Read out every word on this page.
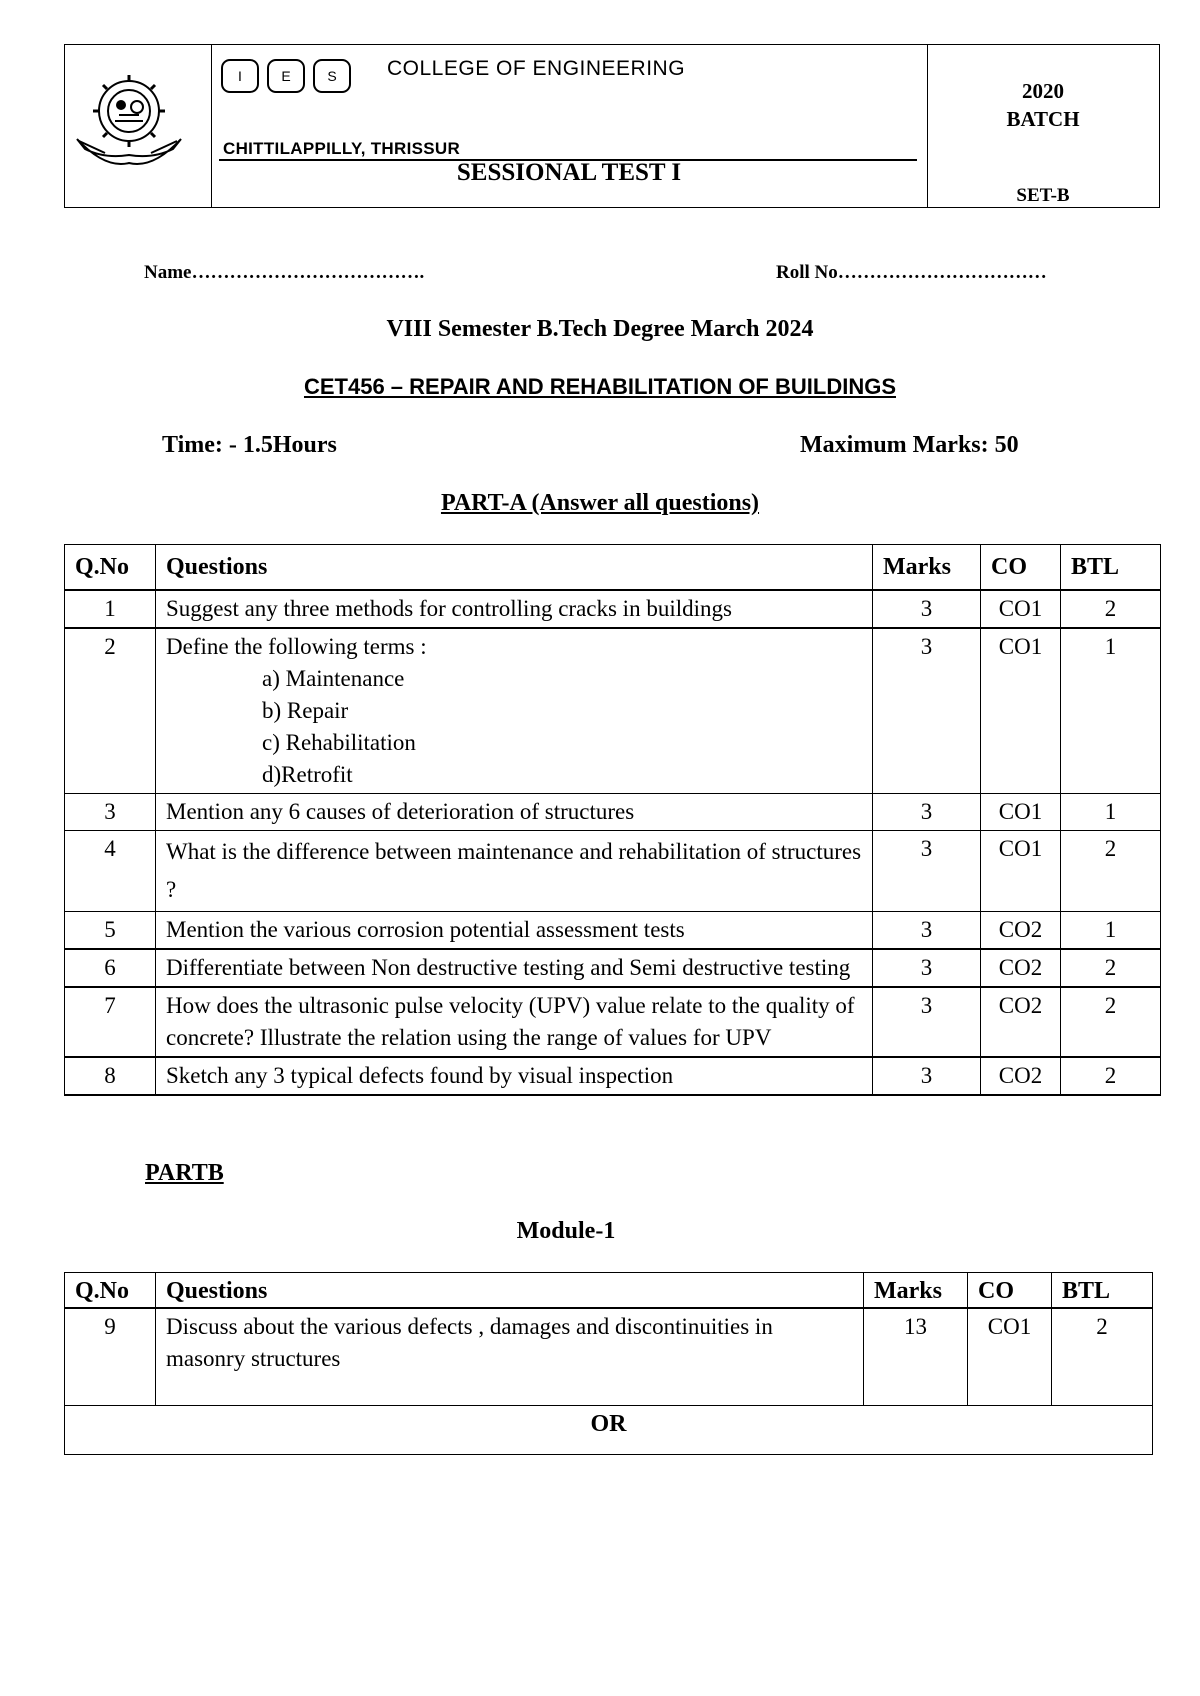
I	E	S	COLLEGE OF ENGINEERING
CHITTILAPPILLY, THRISSUR
SESSIONAL TEST I
2020
BATCH
SET-B
Name……………………………….	Roll No……………………………
VIII Semester B.Tech Degree March 2024
CET456 – REPAIR AND REHABILITATION OF BUILDINGS
Time: - 1.5Hours	Maximum Marks: 50
PART-A (Answer all questions)
Q.No	Questions	Marks	CO	BTL
1	Suggest any three methods for controlling cracks in buildings	3	CO1	2
2	Define the following terms :
a) Maintenance
b) Repair
c) Rehabilitation
d)Retrofit	3	CO1	1
3	Mention any 6 causes of deterioration of structures	3	CO1	1
4	What is the difference between maintenance and rehabilitation of structures ?	3	CO1	2
5	Mention the various corrosion potential assessment tests	3	CO2	1
6	Differentiate between Non destructive testing and Semi destructive testing	3	CO2	2
7	How does the ultrasonic pulse velocity (UPV) value relate to the quality of concrete? Illustrate the relation using the range of values for UPV	3	CO2	2
8	Sketch any 3 typical defects found by visual inspection	3	CO2	2
PARTB
Module-1
Q.No	Questions	Marks	CO	BTL
9	Discuss about the various defects , damages and discontinuities in masonry structures	13	CO1	2
OR				
